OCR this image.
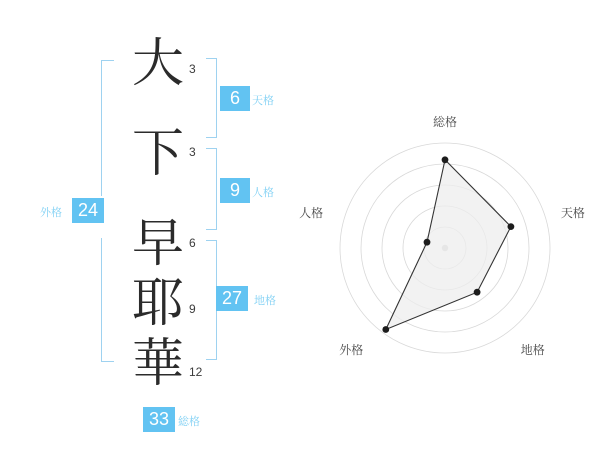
大
下
早
耶
華
3
3
6
9
12
6	天格
9	人格
27	地格
24
外格
33 総格
総格
天格
地格
外格
人格
